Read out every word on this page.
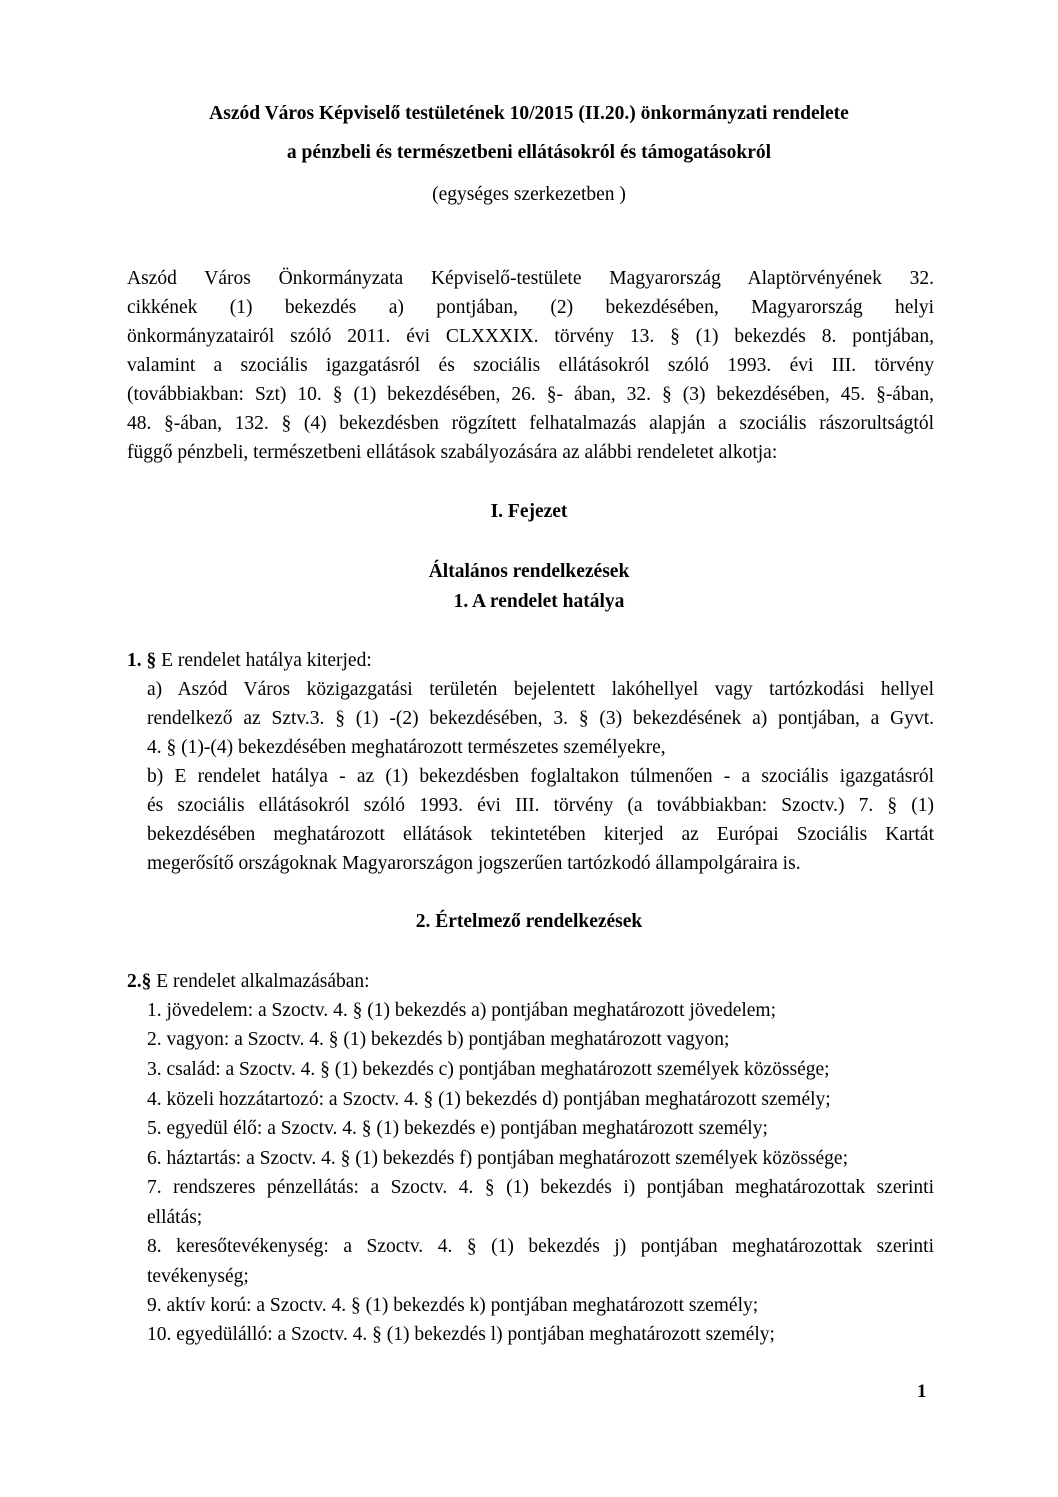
Aszód Város Képviselő testületének 10/2015 (II.20.) önkormányzati rendelete
a pénzbeli és természetbeni ellátásokról és támogatásokról
(egységes szerkezetben )
Aszód Város Önkormányzata Képviselő-testülete Magyarország Alaptörvényének 32.
cikkének (1) bekezdés a) pontjában, (2) bekezdésében, Magyarország helyi
önkormányzatairól szóló 2011. évi CLXXXIX. törvény 13. § (1) bekezdés 8. pontjában,
valamint a szociális igazgatásról és szociális ellátásokról szóló 1993. évi III. törvény
(továbbiakban: Szt) 10. § (1) bekezdésében, 26. §- ában, 32. § (3) bekezdésében, 45. §-ában,
48. §-ában, 132. § (4) bekezdésben rögzített felhatalmazás alapján a szociális rászorultságtól
függő pénzbeli, természetbeni ellátások szabályozására az alábbi rendeletet alkotja:
I. Fejezet
Általános rendelkezések
1. A rendelet hatálya
1. § E rendelet hatálya kiterjed:
a) Aszód Város közigazgatási területén bejelentett lakóhellyel vagy tartózkodási hellyel
rendelkező az Sztv.3. § (1) -(2) bekezdésében, 3. § (3) bekezdésének a) pontjában, a Gyvt.
4. § (1)-(4) bekezdésében meghatározott természetes személyekre,
b) E rendelet hatálya - az (1) bekezdésben foglaltakon túlmenően - a szociális igazgatásról
és szociális ellátásokról szóló 1993. évi III. törvény (a továbbiakban: Szoctv.) 7. § (1)
bekezdésében meghatározott ellátások tekintetében kiterjed az Európai Szociális Kartát
megerősítő országoknak Magyarországon jogszerűen tartózkodó állampolgáraira is.
2. Értelmező rendelkezések
2.§ E rendelet alkalmazásában:
1. jövedelem: a Szoctv. 4. § (1) bekezdés a) pontjában meghatározott jövedelem;
2. vagyon: a Szoctv. 4. § (1) bekezdés b) pontjában meghatározott vagyon;
3. család: a Szoctv. 4. § (1) bekezdés c) pontjában meghatározott személyek közössége;
4. közeli hozzátartozó: a Szoctv. 4. § (1) bekezdés d) pontjában meghatározott személy;
5. egyedül élő: a Szoctv. 4. § (1) bekezdés e) pontjában meghatározott személy;
6. háztartás: a Szoctv. 4. § (1) bekezdés f) pontjában meghatározott személyek közössége;
7. rendszeres pénzellátás: a Szoctv. 4. § (1) bekezdés i) pontjában meghatározottak szerinti
ellátás;
8. keresőtevékenység: a Szoctv. 4. § (1) bekezdés j) pontjában meghatározottak szerinti
tevékenység;
9. aktív korú: a Szoctv. 4. § (1) bekezdés k) pontjában meghatározott személy;
10. egyedülálló: a Szoctv. 4. § (1) bekezdés l) pontjában meghatározott személy;
1
